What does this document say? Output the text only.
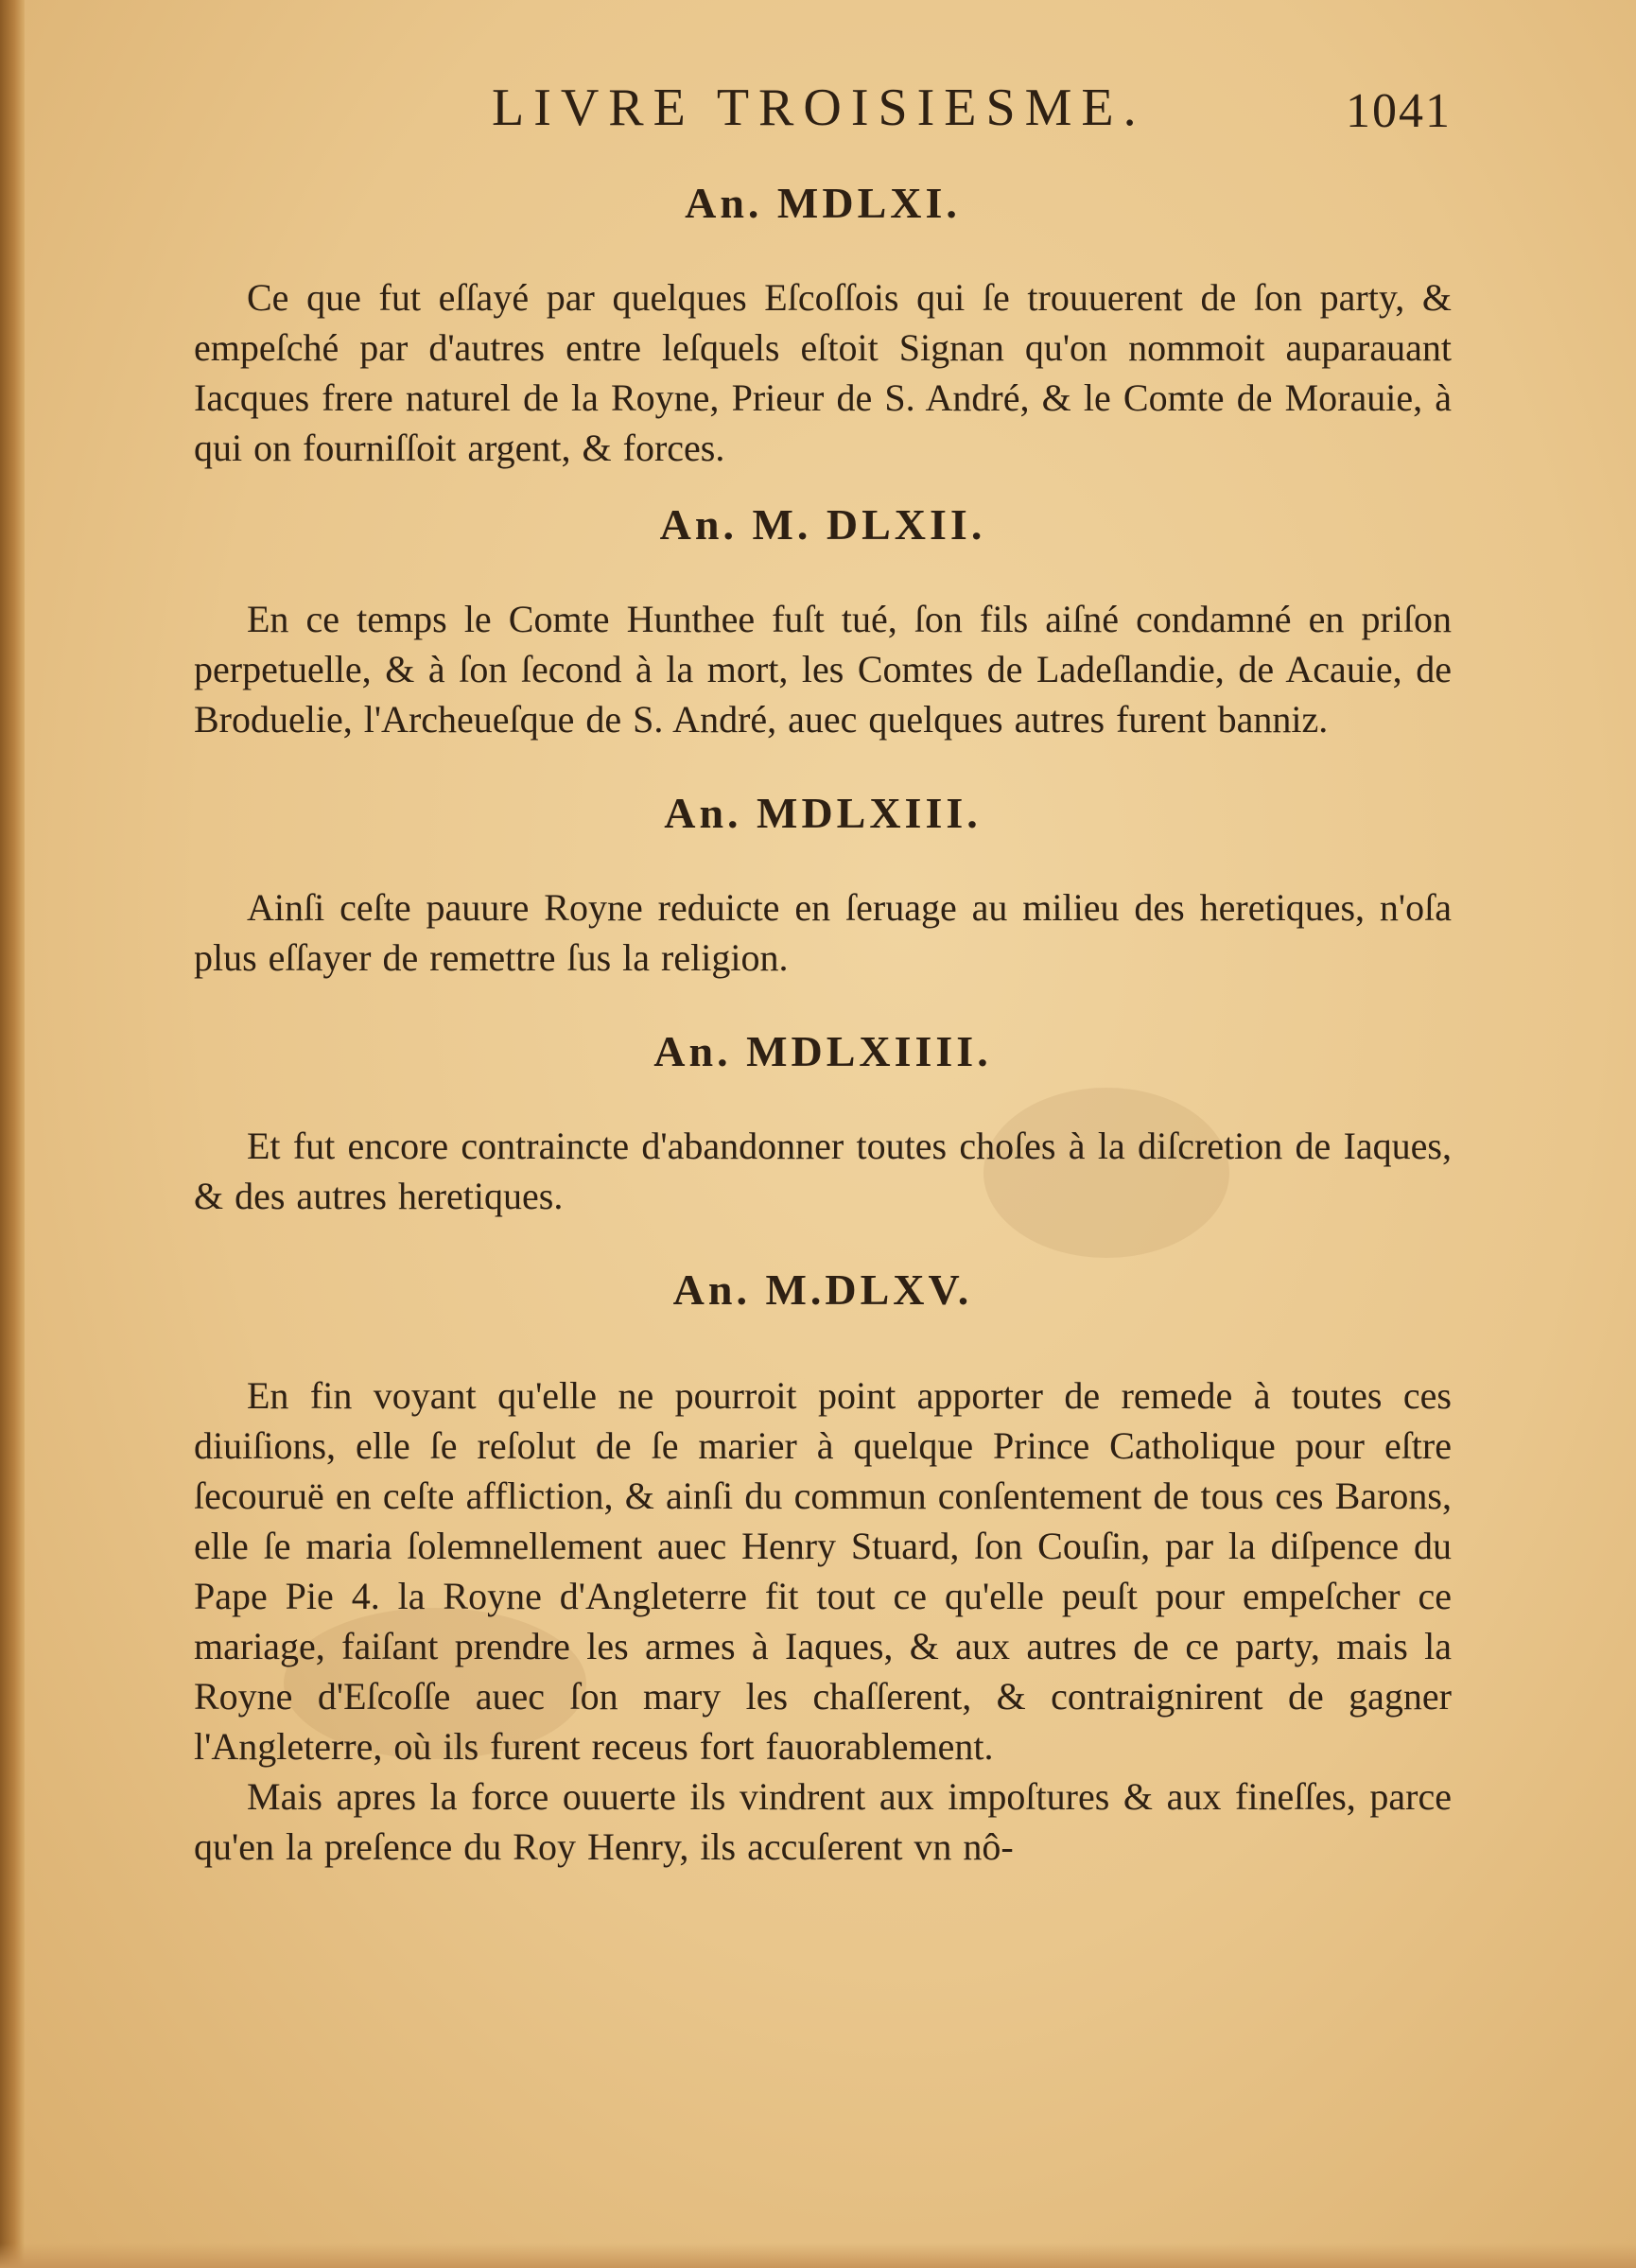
LIVRE TROISIESME.	1041
An. MDLXI.

Ce que fut eſſayé par quelques Eſcoſſois qui ſe trouuerent de ſon party, & empeſché par d'autres entre leſquels eſtoit Signan qu'on nommoit auparauant Iacques frere naturel de la Royne, Prieur de S. André, & le Comte de Morauie, à qui on fourniſſoit argent, & forces.

An. M. DLXII.

En ce temps le Comte Hunthee fuſt tué, ſon fils aiſné condamné en priſon perpetuelle, & à ſon ſecond à la mort, les Comtes de Ladeſlandie, de Acauie, de Broduelie, l'Archeueſque de S. André, auec quelques autres furent banniz.

An. MDLXIII.

Ainſi ceſte pauure Royne reduicte en ſeruage au milieu des heretiques, n'oſa plus eſſayer de remettre ſus la religion.

An. MDLXIIII.

Et fut encore contraincte d'abandonner toutes choſes à la diſcretion de Iaques, & des autres heretiques.

An. M.DLXV.

En fin voyant qu'elle ne pourroit point apporter de remede à toutes ces diuiſions, elle ſe reſolut de ſe marier à quelque Prince Catholique pour eſtre ſecouruë en ceſte affliction, & ainſi du commun conſentement de tous ces Barons, elle ſe maria ſolemnellement auec Henry Stuard, ſon Couſin, par la diſpence du Pape Pie 4. la Royne d'Angleterre fit tout ce qu'elle peuſt pour empeſcher ce mariage, faiſant prendre les armes à Iaques, & aux autres de ce party, mais la Royne d'Eſcoſſe auec ſon mary les chaſſerent, & contraignirent de gagner l'Angleterre, où ils furent receus fort fauorablement.

Mais apres la force ouuerte ils vindrent aux impoſtures & aux fineſſes, parce qu'en la preſence du Roy Henry, ils accuſerent vn nô-
